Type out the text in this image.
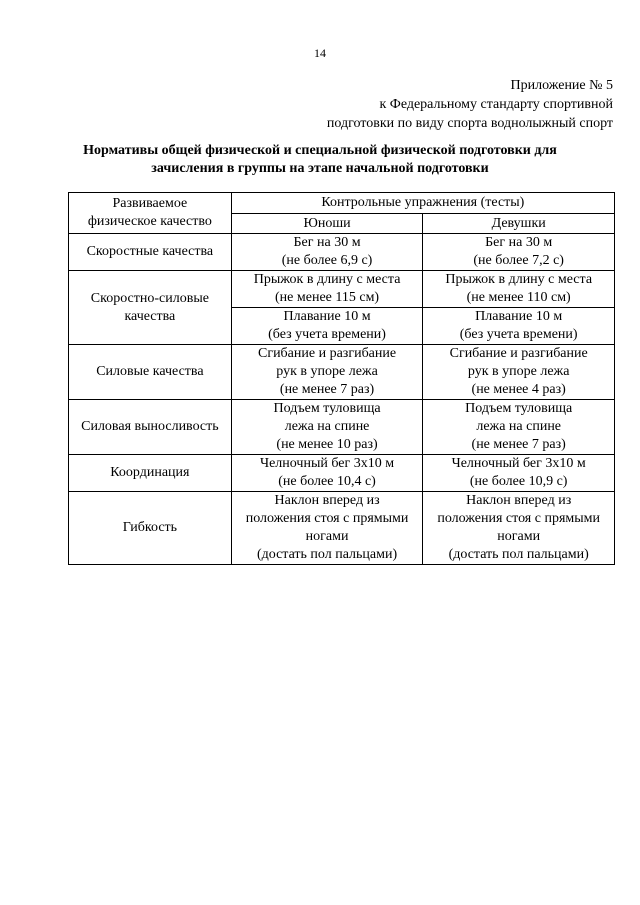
14
Приложение № 5
к Федеральному стандарту спортивной
подготовки по виду спорта воднолыжный спорт
Нормативы общей физической и специальной физической подготовки для
зачисления в группы на этапе начальной подготовки
Развиваемое
физическое качество	Контрольные упражнения (тесты)	
	Юноши	Девушки

Скоростные качества	Бег на 30 м
(не более 6,9 с)	Бег на 30 м
(не более 7,2 с)

Скоростно-силовые
качества	Прыжок в длину с места
(не менее 115 см)	Прыжок в длину с места
(не менее 110 см)

	Плавание 10 м
(без учета времени)	Плавание 10 м
(без учета времени)

Силовые качества	Сгибание и разгибание
рук в упоре лежа
(не менее 7 раз)	Сгибание и разгибание
рук в упоре лежа
(не менее 4 раз)

Силовая выносливость	Подъем туловища
лежа на спине
(не менее 10 раз)	Подъем туловища
лежа на спине
(не менее 7 раз)

Координация	Челночный бег 3x10 м
(не более 10,4 с)	Челночный бег 3x10 м
(не более 10,9 с)

Гибкость	Наклон вперед из
положения стоя с прямыми
ногами
(достать пол пальцами)	Наклон вперед из
положения стоя с прямыми
ногами
(достать пол пальцами)
